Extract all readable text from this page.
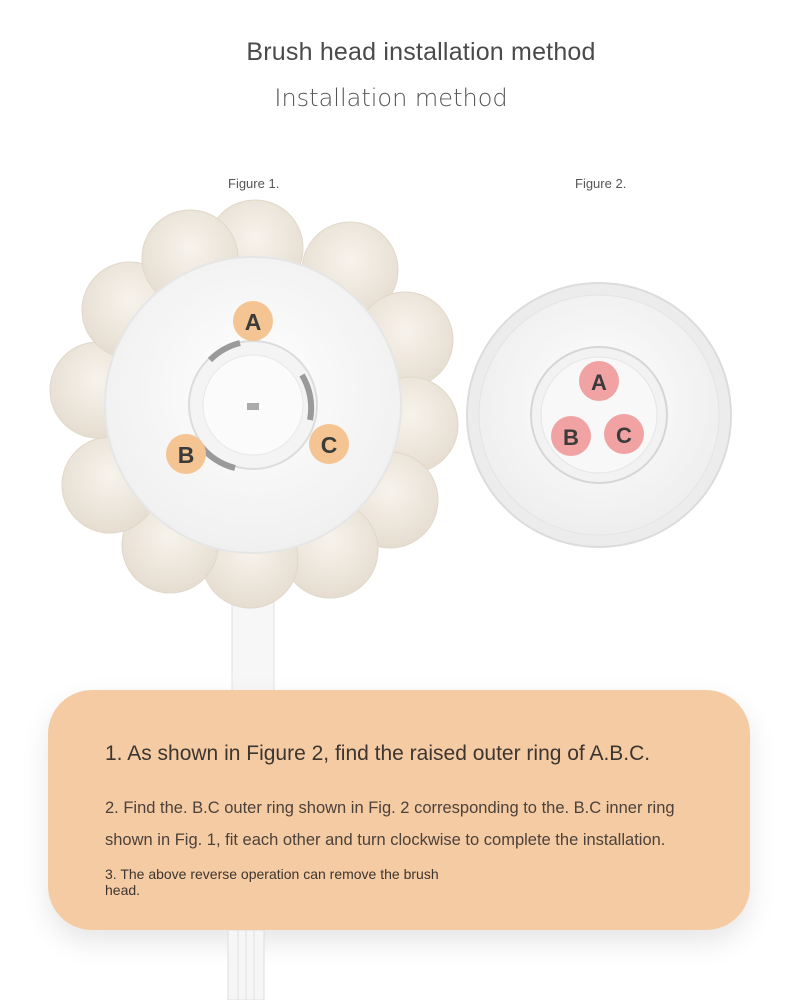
Brush head installation method
Installation method
Figure 1.	Figure 2.
A
B	C
A
B C
1. As shown in Figure 2, find the raised outer ring of A.B.C.
2. Find the. B.C outer ring shown in Fig. 2 corresponding to the. B.C inner ring shown in Fig. 1, fit each other and turn clockwise to complete the installation.
3. The above reverse operation can remove the brush head.
